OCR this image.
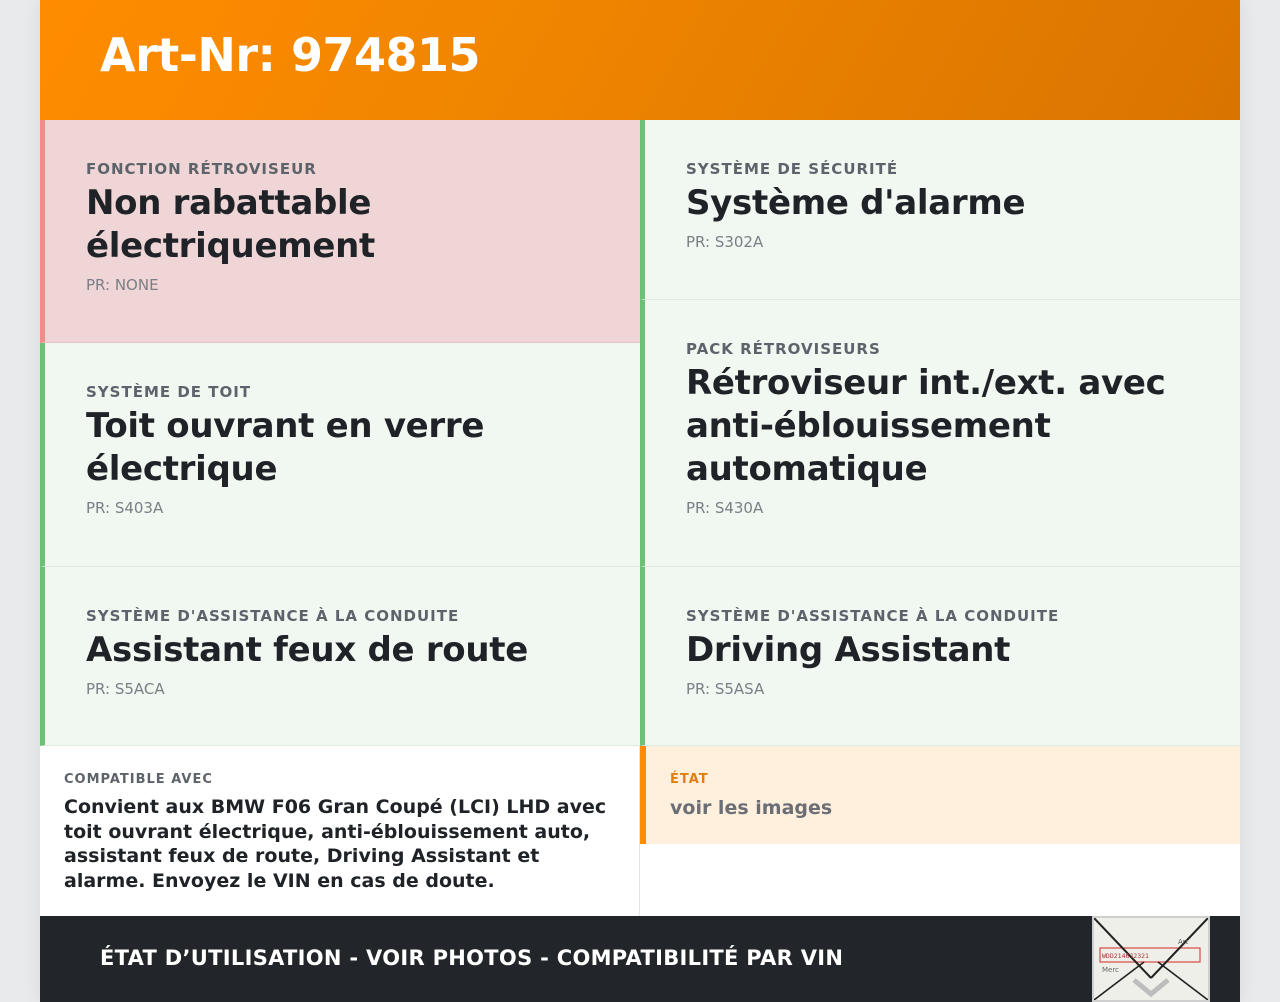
Art-Nr: 974815
FONCTION RÉTROVISEUR
Non rabattable électriquement
PR: NONE
SYSTÈME DE TOIT
Toit ouvrant en verre électrique
PR: S403A
SYSTÈME D'ASSISTANCE À LA CONDUITE
Assistant feux de route
PR: S5ACA
SYSTÈME DE SÉCURITÉ
Système d'alarme
PR: S302A
PACK RÉTROVISEURS
Rétroviseur int./ext. avec anti-éblouissement automatique
PR: S430A
SYSTÈME D'ASSISTANCE À LA CONDUITE
Driving Assistant
PR: S5ASA
COMPATIBLE AVEC
Convient aux BMW F06 Gran Coupé (LCI) LHD avec toit ouvrant électrique, anti-éblouissement auto, assistant feux de route, Driving Assistant et alarme. Envoyez le VIN en cas de doute.
ÉTAT
voir les images
ÉTAT D’UTILISATION - VOIR PHOTOS - COMPATIBILITÉ PAR VIN
Art
WDD2146J2321
Merc
